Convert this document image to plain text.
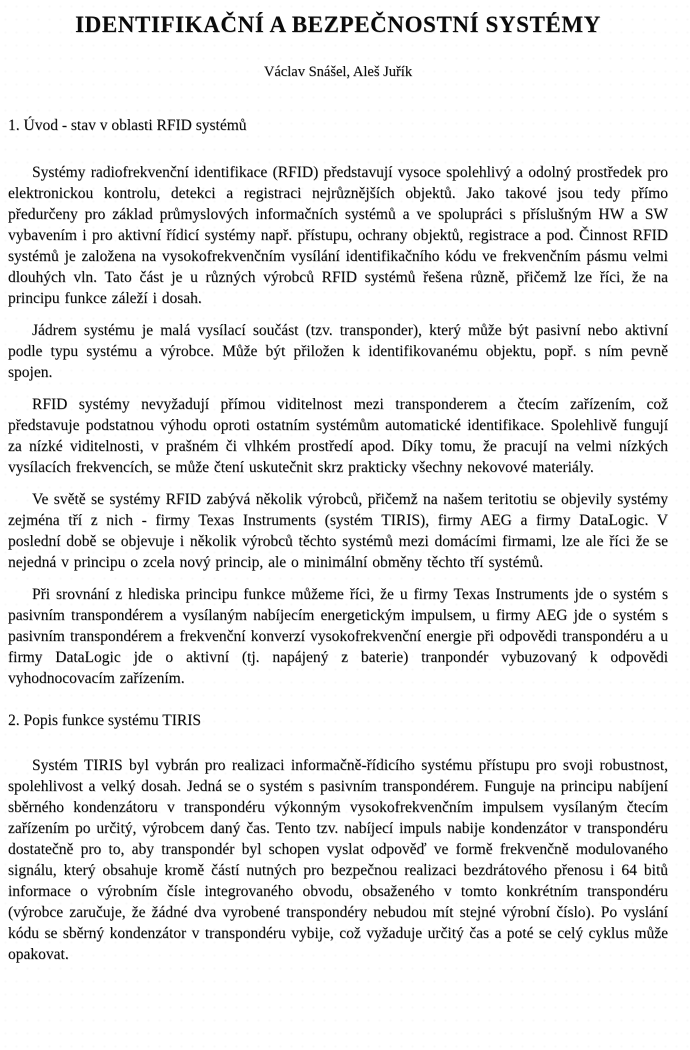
IDENTIFIKAČNÍ A BEZPEČNOSTNÍ SYSTÉMY
Václav Snášel, Aleš Juřík
1. Úvod - stav v oblasti RFID systémů

Systémy radiofrekvenční identifikace (RFID) představují vysoce spolehlivý a odolný prostředek pro elektronickou kontrolu, detekci a registraci nejrůznějších objektů. Jako takové jsou tedy přímo předurčeny pro základ průmyslových informačních systémů a ve spolupráci s příslušným HW a SW vybavením i pro aktivní řídicí systémy např. přístupu, ochrany objektů, registrace a pod. Činnost RFID systémů je založena na vysokofrekvenčním vysílání identifikačního kódu ve frekvenčním pásmu velmi dlouhých vln. Tato část je u různých výrobců RFID systémů řešena různě, přičemž lze říci, že na principu funkce záleží i dosah.

Jádrem systému je malá vysílací součást (tzv. transponder), který může být pasivní nebo aktivní podle typu systému a výrobce. Může být přiložen k identifikovanému objektu, popř. s ním pevně spojen.

RFID systémy nevyžadují přímou viditelnost mezi transponderem a čtecím zařízením, což představuje podstatnou výhodu oproti ostatním systémům automatické identifikace. Spolehlivě fungují za nízké viditelnosti, v prašném či vlhkém prostředí apod. Díky tomu, že pracují na velmi nízkých vysílacích frekvencích, se může čtení uskutečnit skrz prakticky všechny nekovové materiály.

Ve světě se systémy RFID zabývá několik výrobců, přičemž na našem teritotiu se objevily systémy zejména tří z nich - firmy Texas Instruments (systém TIRIS), firmy AEG a firmy DataLogic. V poslední době se objevuje i několik výrobců těchto systémů mezi domácími firmami, lze ale říci že se nejedná v principu o zcela nový princip, ale o minimální obměny těchto tří systémů.

Při srovnání z hlediska principu funkce můžeme říci, že u firmy Texas Instruments jde o systém s pasivním transpondérem a vysílaným nabíjecím energetickým impulsem, u firmy AEG jde o systém s pasivním transpondérem a frekvenční konverzí vysokofrekvenční energie při odpovědi transpondéru a u firmy DataLogic jde o aktivní (tj. napájený z baterie) tranpondér vybuzovaný k odpovědi vyhodnocovacím zařízením.

2. Popis funkce systému TIRIS

Systém TIRIS byl vybrán pro realizaci informačně-řídicího systému přístupu pro svoji robustnost, spolehlivost a velký dosah. Jedná se o systém s pasivním transpondérem. Funguje na principu nabíjení sběrného kondenzátoru v transpondéru výkonným vysokofrekvenčním impulsem vysílaným čtecím zařízením po určitý, výrobcem daný čas. Tento tzv. nabíjecí impuls nabije kondenzátor v transpondéru dostatečně pro to, aby transpondér byl schopen vyslat odpověď ve formě frekvenčně modulovaného signálu, který obsahuje kromě částí nutných pro bezpečnou realizaci bezdrátového přenosu i 64 bitů informace o výrobním čísle integrovaného obvodu, obsaženého v tomto konkrétním transpondéru (výrobce zaručuje, že žádné dva vyrobené transpondéry nebudou mít stejné výrobní číslo). Po vyslání kódu se sběrný kondenzátor v transpondéru vybije, což vyžaduje určitý čas a poté se celý cyklus může opakovat.
